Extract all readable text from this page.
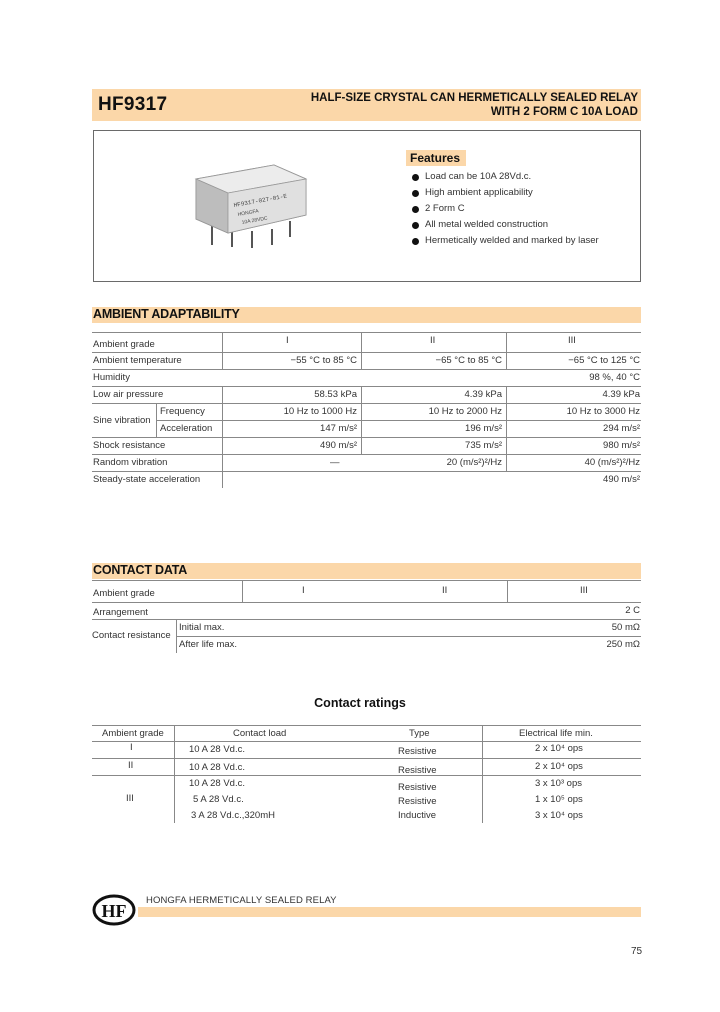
HF9317	HALF-SIZE CRYSTAL CAN HERMETICALLY SEALED RELAY
WITH 2 FORM C 10A LOAD
HF9317-027-01-E
HONGFA
10A 28VDC
Features
Load can be 10A 28Vd.c.
High ambient applicability
2 Form C
All metal welded construction
Hermetically welded and marked by laser
AMBIENT ADAPTABILITY
Ambient grade	I	II	III
Ambient temperature	−55 °C to 85 °C	−65 °C to 85 °C	−65 °C to 125 °C
Humidity	98 %, 40 °C
Low air pressure	58.53 kPa	4.39 kPa	4.39 kPa
Sine vibration
Frequency	10 Hz to 1000 Hz	10 Hz to 2000 Hz	10 Hz to 3000 Hz
Acceleration	147 m/s²	196 m/s²	294 m/s²
Shock resistance	490 m/s²	735 m/s²	980 m/s²
Random vibration	—	20 (m/s²)²/Hz	40 (m/s²)²/Hz
Steady-state acceleration	490 m/s²
CONTACT DATA
Ambient grade	I	II	III
Arrangement	2 C
Contact resistance
Initial max.	50 mΩ
After life max.	250 mΩ
Contact ratings
Ambient grade	Contact load	Type	Electrical life min.
I	10 A 28 Vd.c.	Resistive	2 x 10⁴ ops
II	10 A 28 Vd.c.	Resistive	2 x 10⁴ ops
III
10 A 28 Vd.c.	Resistive	3 x 10³ ops
5 A 28 Vd.c.	Resistive	1 x 10⁵ ops
3 A 28 Vd.c.,320mH	Inductive	3 x 10⁴ ops
HF
HONGFA HERMETICALLY SEALED RELAY
75
